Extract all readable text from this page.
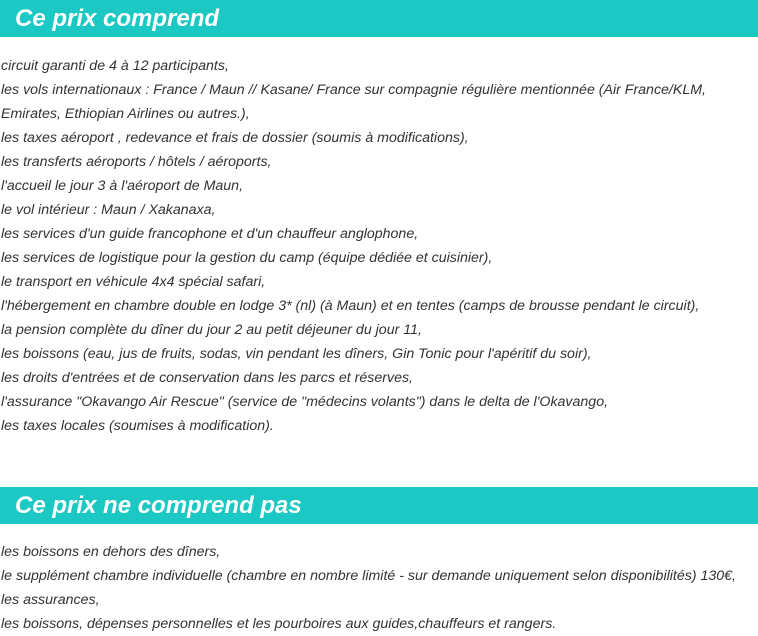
Ce prix comprend
circuit garanti de 4 à 12 participants,
les vols internationaux : France / Maun // Kasane/ France sur compagnie régulière mentionnée (Air France/KLM, Emirates, Ethiopian Airlines ou autres.),
les taxes aéroport , redevance et frais de dossier (soumis à modifications),
les transferts aéroports / hôtels / aéroports,
l'accueil le jour 3 à l'aéroport de Maun,
le vol intérieur : Maun / Xakanaxa,
les services d'un guide francophone et d'un chauffeur anglophone,
les services de logistique pour la gestion du camp (équipe dédiée et cuisinier),
le transport en véhicule 4x4 spécial safari,
l'hébergement en chambre double en lodge 3* (nl) (à Maun) et en tentes (camps de brousse pendant le circuit),
la pension complète du dîner du jour 2 au petit déjeuner du jour 11,
les boissons (eau, jus de fruits, sodas, vin pendant les dîners, Gin Tonic pour l'apéritif du soir),
les droits d'entrées et de conservation dans les parcs et réserves,
l'assurance "Okavango Air Rescue" (service de "médecins volants") dans le delta de l'Okavango,
les taxes locales (soumises à modification).
Ce prix ne comprend pas
les boissons en dehors des dîners,
le supplément chambre individuelle (chambre en nombre limité - sur demande uniquement selon disponibilités) 130€,
les assurances,
les boissons, dépenses personnelles et les pourboires aux guides,chauffeurs et rangers.
